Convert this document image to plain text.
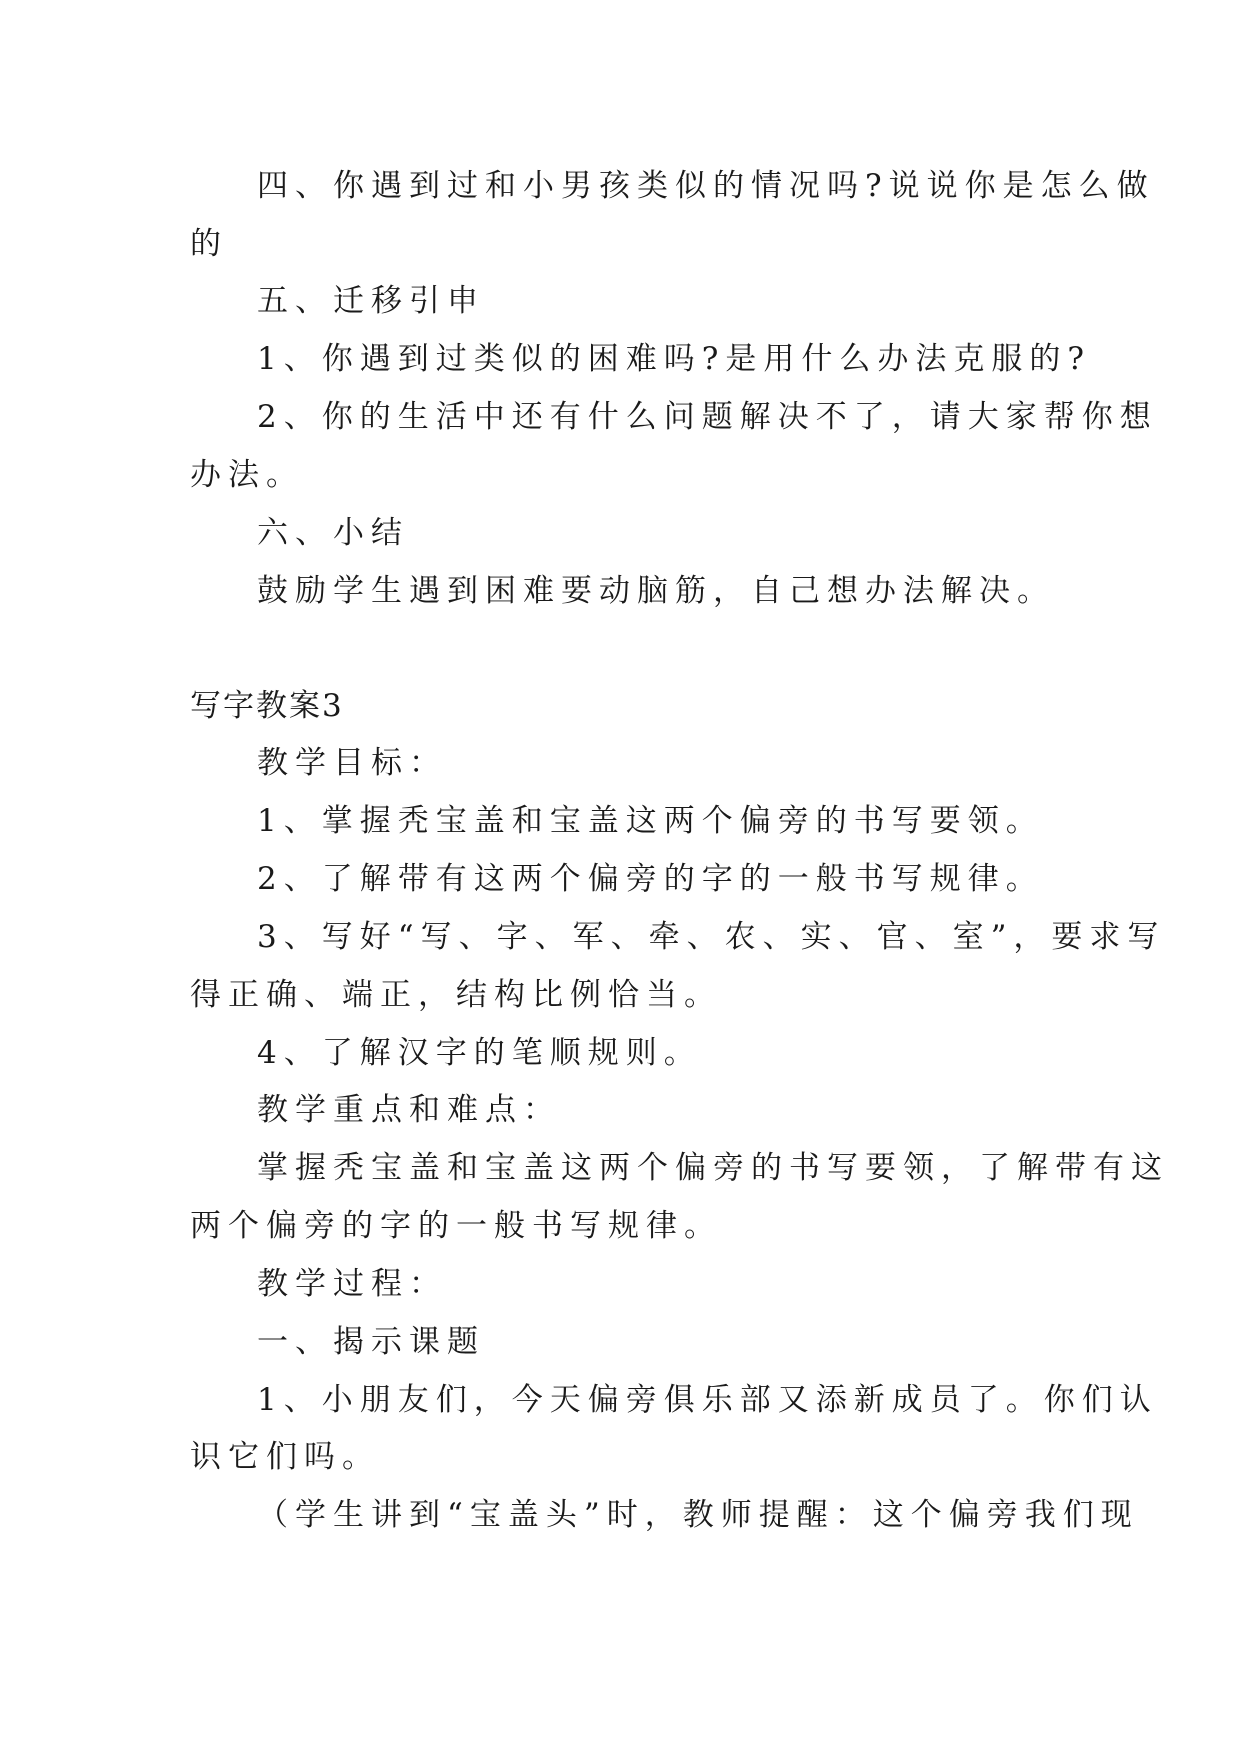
四、你遇到过和小男孩类似的情况吗?说说你是怎么做
的
五、迁移引申
1、你遇到过类似的困难吗?是用什么办法克服的?
2、你的生活中还有什么问题解决不了，请大家帮你想
办法。
六、小结
鼓励学生遇到困难要动脑筋，自己想办法解决。
写字教案3
教学目标：
1、掌握秃宝盖和宝盖这两个偏旁的书写要领。
2、了解带有这两个偏旁的字的一般书写规律。
3、写好“写、字、军、牵、农、实、官、室”，要求写
得正确、端正，结构比例恰当。
4、了解汉字的笔顺规则。
教学重点和难点：
掌握秃宝盖和宝盖这两个偏旁的书写要领，了解带有这
两个偏旁的字的一般书写规律。
教学过程：
一、揭示课题
1、小朋友们，今天偏旁俱乐部又添新成员了。你们认
识它们吗。
（学生讲到“宝盖头”时，教师提醒：这个偏旁我们现
